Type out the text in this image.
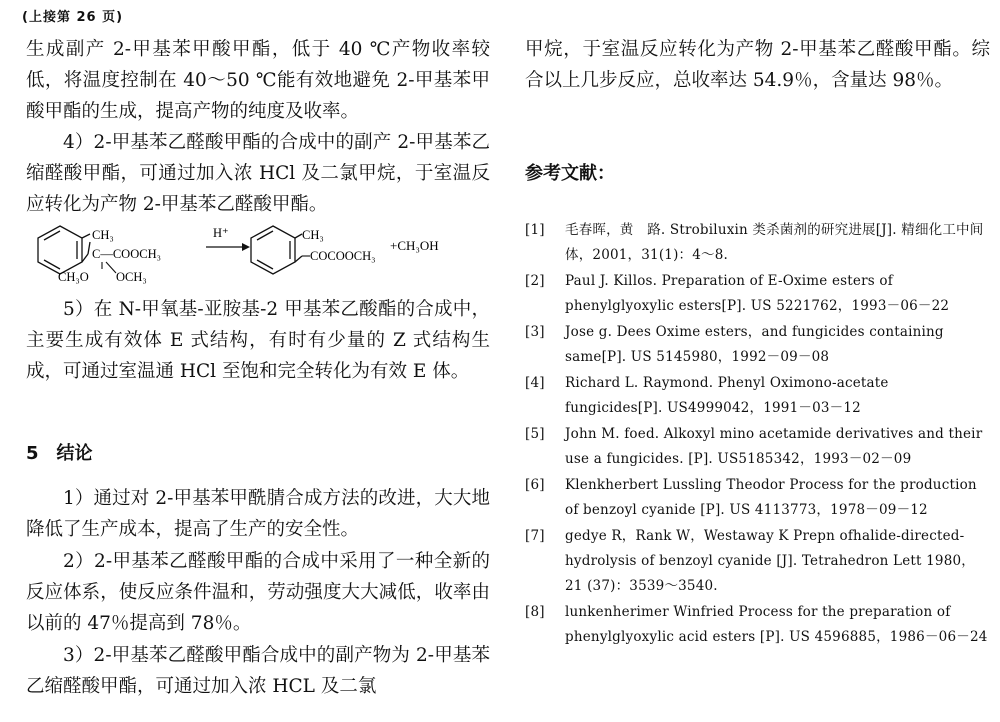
(上接第 26 页)

生成副产 2-甲基苯甲酸甲酯，低于 40 ℃产物收率较低，将温度控制在 40～50 ℃能有效地避免 2-甲基苯甲酸甲酯的生成，提高产物的纯度及收率。

4）2-甲基苯乙醛酸甲酯的合成中的副产 2-甲基苯乙缩醛酸甲酯，可通过加入浓 HCl 及二氯甲烷，于室温反应转化为产物 2-甲基苯乙醛酸甲酯。

CH₃
C—COOCH₃
OCH₃
CH₃O
H⁺	CH₃
COCOOCH₃
+CH₃OH

5）在 N-甲氧基-亚胺基-2 甲基苯乙酸酯的合成中，主要生成有效体 E 式结构，有时有少量的 Z 式结构生成，可通过室温通 HCl 至饱和完全转化为有效 E 体。

5　结论

1）通过对 2-甲基苯甲酰腈合成方法的改进，大大地降低了生产成本，提高了生产的安全性。

2）2-甲基苯乙醛酸甲酯的合成中采用了一种全新的反应体系，使反应条件温和，劳动强度大大减低，收率由以前的 47％提高到 78％。

3）2-甲基苯乙醛酸甲酯合成中的副产物为 2-甲基苯乙缩醛酸甲酯，可通过加入浓 HCL 及二氯

甲烷，于室温反应转化为产物 2-甲基苯乙醛酸甲酯。综合以上几步反应，总收率达 54.9％，含量达 98％。

参考文献：
[1] 毛春晖，黄　路. Strobiluxin 类杀菌剂的研究进展[J]. 精细化工中间体，2001，31(1)：4～8.
[2] Paul J. Killos. Preparation of E-Oxime esters of phenylglyoxylic esters[P]. US 5221762，1993－06－22
[3] Jose g. Dees Oxime esters，and fungicides containing same[P]. US 5145980，1992－09－08
[4] Richard L. Raymond. Phenyl Oximono-acetate fungicides[P]. US4999042，1991－03－12
[5] John M. foed. Alkoxyl mino acetamide derivatives and their use a fungicides. [P]. US5185342，1993－02－09
[6] Klenkherbert Lussling Theodor Process for the production of benzoyl cyanide [P]. US 4113773，1978－09－12
[7] gedye R，Rank W，Westaway K Prepn ofhalide-directed-hydrolysis of benzoyl cyanide [J]. Tetrahedron Lett 1980，21 (37)：3539～3540.
[8] lunkenherimer Winfried Process for the preparation of phenylglyoxylic acid esters [P]. US 4596885，1986－06－24
